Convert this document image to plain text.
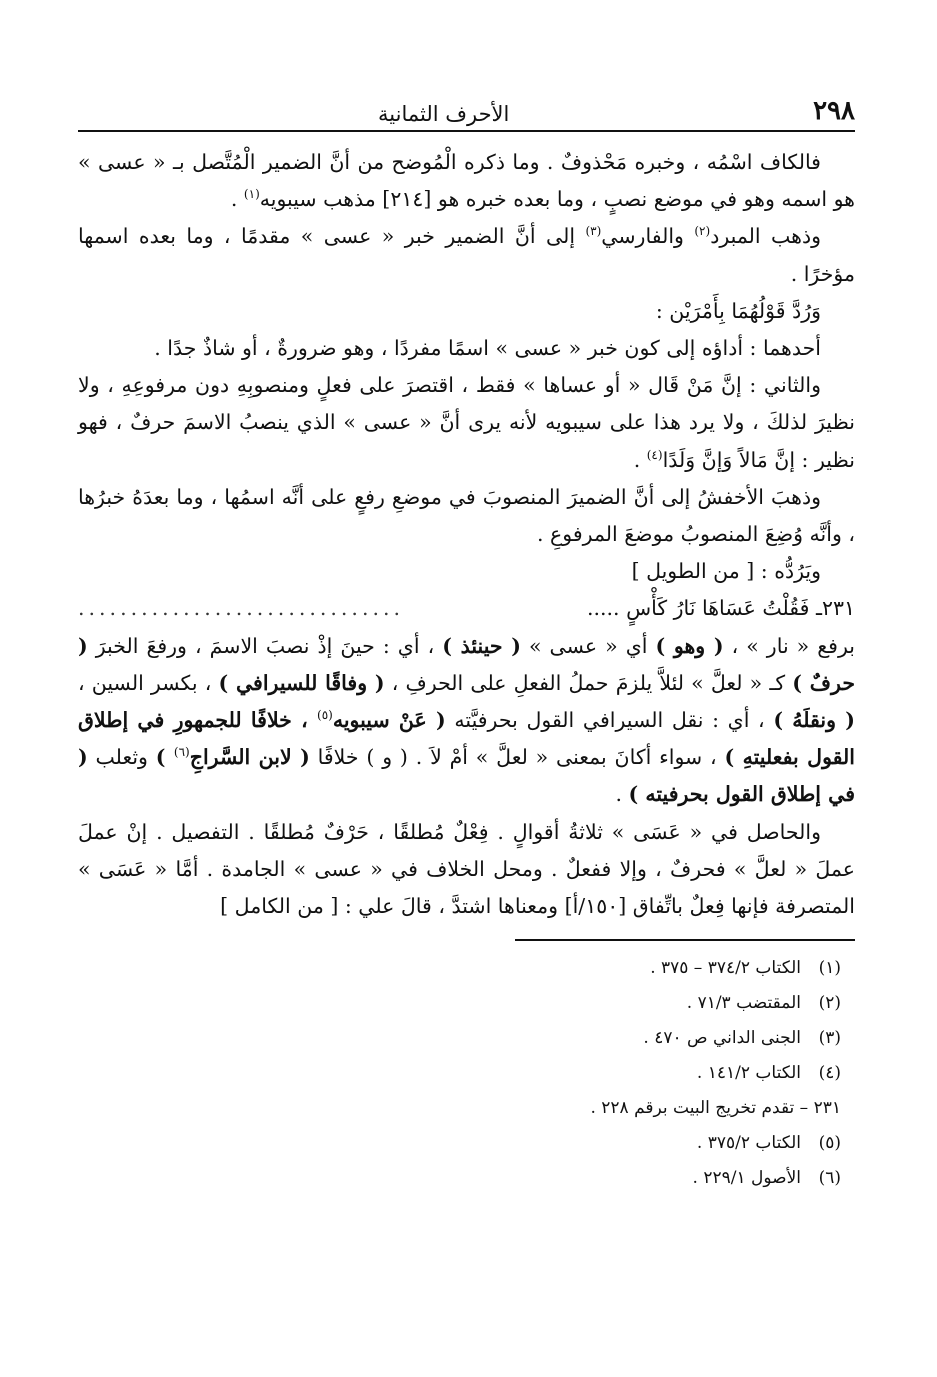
٢٩٨
الأحرف الثمانية

فالكاف اسْمُه ، وخبره مَحْذوفٌ . وما ذكره الْمُوضح من أنَّ الضمير الْمُتَّصل بـ « عسى » هو اسمه وهو في موضع نصبٍ ، وما بعده خبره هو [٢١٤] مذهب سيبويه$^{(١)}$ .

وذهب المبرد$^{(٢)}$ والفارسي$^{(٣)}$ إلى أنَّ الضمير خبر « عسى » مقدمًا ، وما بعده اسمها مؤخرًا .

وَرُدَّ قَوْلُهُمَا بِأَمْرَيْن :

أحدهما : أداؤه إلى كون خبر « عسى » اسمًا مفردًا ، وهو ضرورةٌ ، أو شاذٌ جدًا .

والثاني : إنَّ مَنْ قَال « أو عساها » فقط ، اقتصرَ على فعلٍ ومنصوبِهِ دون مرفوعِهِ ، ولا نظيرَ لذلكَ ، ولا يرد هذا على سيبويه لأنه يرى أنَّ « عسى » الذي ينصبُ الاسمَ حرفٌ ، فهو نظير : إنَّ مَالاً وَإنَّ وَلَدًا$^{(٤)}$ .

وذهبَ الأخفشُ إلى أنَّ الضميرَ المنصوبَ في موضعِ رفعٍ على أنَّه اسمُها ، وما بعدَهُ خبرُها ، وأنَّه وُضِعَ المنصوبُ موضعَ المرفوعِ .

ويَرُدُّه : [ من الطويل ]

٢٣١ـ فَقُلْتُ عَسَاهَا نَارُ كَأْسٍ .....
...............................

برفع « نار » ، ( وهو ) أي « عسى » ( حينئذ ) ، أي : حينَ إذْ نصبَ الاسمَ ، ورفعَ الخبرَ ( حرفٌ ) كـ « لعلَّ » لئلاَّ يلزمَ حملُ الفعلِ على الحرفِ ، ( وفاقًا للسيرافي ) ، بكسر السين ، ( ونقلَهُ ) ، أي : نقل السيرافي القول بحرفيَّته ( عَنْ سيبويه$^{(٥)}$ ، خلافًا للجمهورِ في إطلاق القول بفعليتهِ ) ، سواء أكانَ بمعنى « لعلَّ » أمْ لاَ . ( و ) خلافًا ( لابن السَّراجِ$^{(٦)}$ ) وثعلب ( في إطلاق القول بحرفيته ) .

والحاصل في « عَسَى » ثلاثةُ أقوالٍ . فِعْلٌ مُطلقًا ، حَرْفٌ مُطلقًا . التفصيل . إنْ عملَ عملَ « لعلَّ » فحرفٌ ، وإلا ففعلٌ . ومحل الخلاف في « عسى » الجامدة . أمَّا « عَسَى » المتصرفة فإنها فِعلٌ باتِّفاق [١٥٠/أ] ومعناها اشتدَّ ، قالَ علي : [ من الكامل ]

(١)
الكتاب ٣٧٤/٢ – ٣٧٥ .
(٢)
المقتضب ٧١/٣ .
(٣)
الجنى الداني ص ٤٧٠ .
(٤)
الكتاب ١٤١/٢ .
٢٣١ – تقدم تخريج البيت برقم ٢٢٨ .
(٥)
الكتاب ٣٧٥/٢ .
(٦)
الأصول ٢٢٩/١ .
